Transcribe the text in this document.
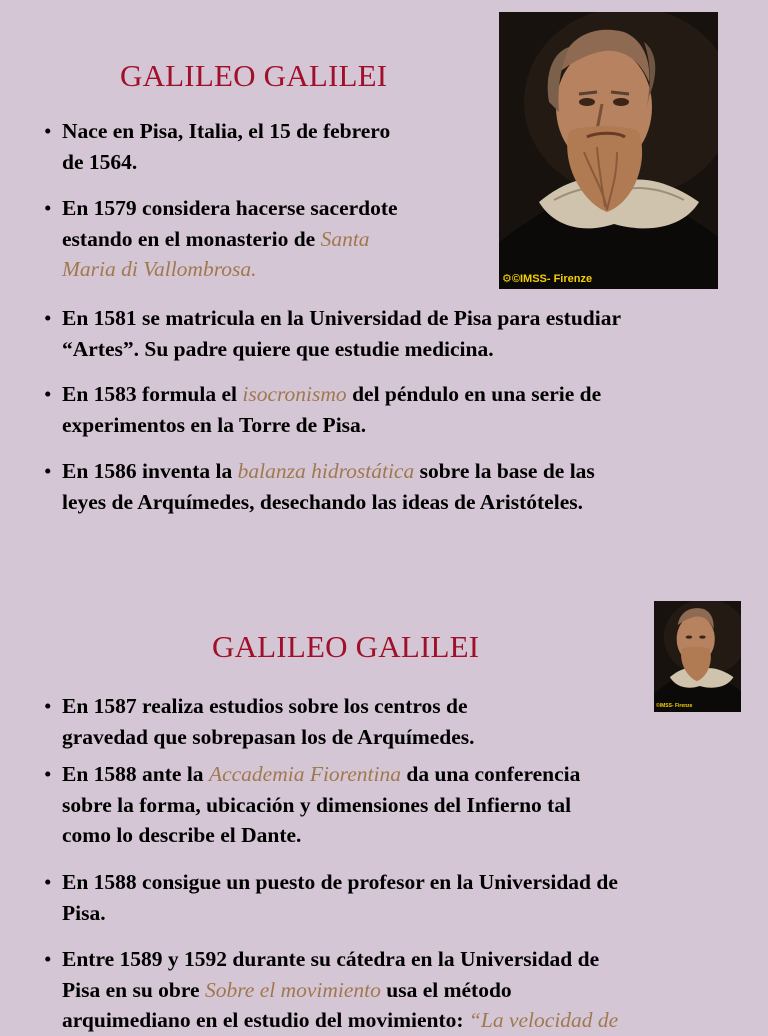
GALILEO GALILEI
• Nace en Pisa, Italia, el 15 de febrero
de 1564.
• En 1579 considera hacerse sacerdote
estando en el monasterio de Santa
Maria di Vallombrosa.
• En 1581 se matricula en la Universidad de Pisa para estudiar
“Artes”. Su padre quiere que estudie medicina.
• En 1583 formula el isocronismo del péndulo en una serie de
experimentos en la Torre de Pisa.
• En 1586 inventa la balanza hidrostática sobre la base de las
leyes de Arquímedes, desechando las ideas de Aristóteles.
⚙©IMSS- Firenze
GALILEO GALILEI
• En 1587 realiza estudios sobre los centros de
gravedad que sobrepasan los de Arquímedes.
• En 1588 ante la Accademia Fiorentina da una conferencia
sobre la forma, ubicación y dimensiones del Infierno tal
como lo describe el Dante.
• En 1588 consigue un puesto de profesor en la Universidad de
Pisa.
• Entre 1589 y 1592 durante su cátedra en la Universidad de
Pisa en su obre Sobre el movimiento usa el método
arquimediano en el estudio del movimiento: “La velocidad de
©IMSS- Firenze
